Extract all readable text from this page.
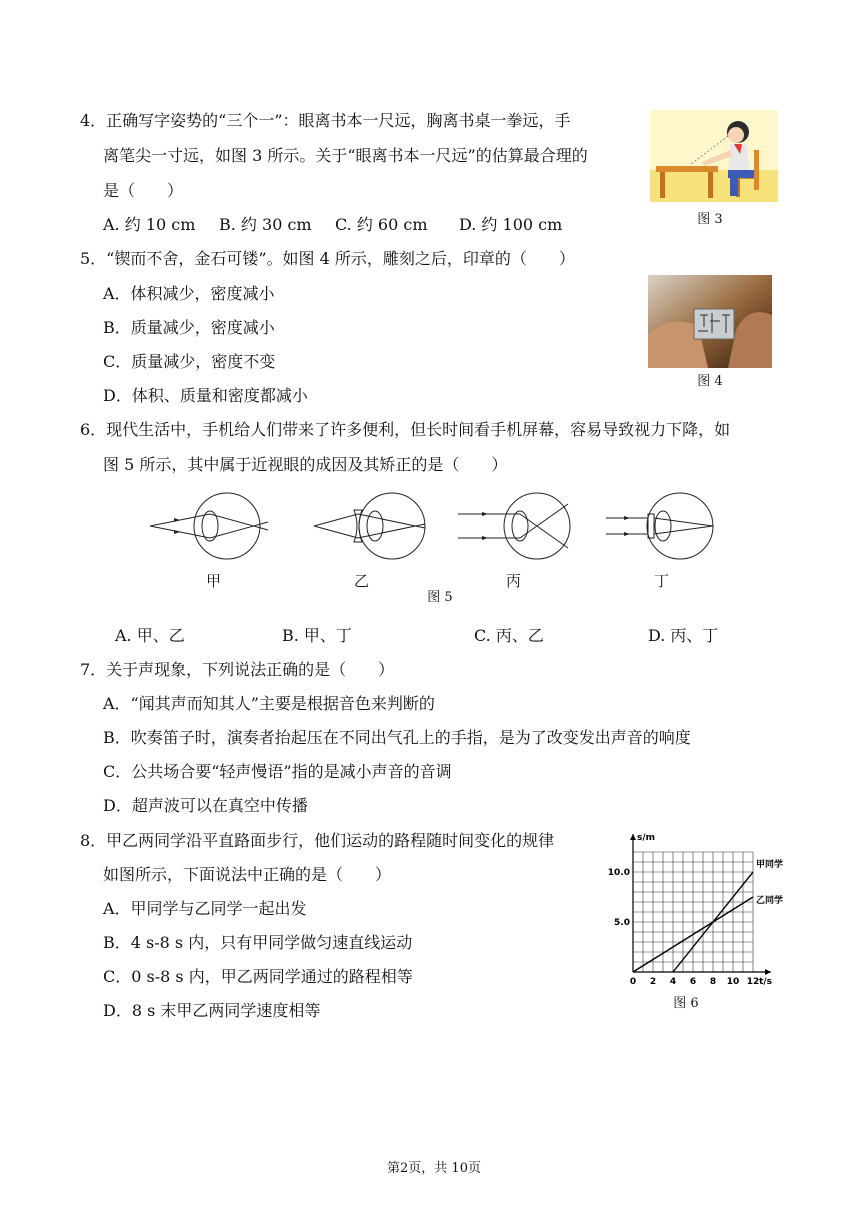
4．正确写字姿势的“三个一”：眼离书本一尺远，胸离书桌一拳远，手
离笔尖一寸远，如图 3 所示。关于“眼离书本一尺远”的估算最合理的
是（　　）
A. 约 10 cm B. 约 30 cm C. 约 60 cm D. 约 100 cm	图 3
5．“锲而不舍，金石可镂”。如图 4 所示，雕刻之后，印章的（　　）
A．体积减少，密度减小
B．质量减少，密度减小
C．质量减少，密度不变
D．体积、质量和密度都减小
图 4
6．现代生活中，手机给人们带来了许多便利，但长时间看手机屏幕，容易导致视力下降，如
图 5 所示，其中属于近视眼的成因及其矫正的是（　　）
甲	乙	丙	丁
图 5
A. 甲、乙	B. 甲、丁	C. 丙、乙	D. 丙、丁
7．关于声现象，下列说法正确的是（　　）
A．“闻其声而知其人”主要是根据音色来判断的
B．吹奏笛子时，演奏者抬起压在不同出气孔上的手指，是为了改变发出声音的响度
C．公共场合要“轻声慢语”指的是减小声音的音调
D．超声波可以在真空中传播
8．甲乙两同学沿平直路面步行，他们运动的路程随时间变化的规律
如图所示，下面说法中正确的是（　　）
A．甲同学与乙同学一起出发
B．4 s-8 s 内，只有甲同学做匀速直线运动
C．0 s-8 s 内，甲乙两同学通过的路程相等
D．8 s 末甲乙两同学速度相等
t/s
s/m
0 2 4 6 8 10 12
5.0
10.0
甲同学
乙同学
图 6
第2页，共 10页
